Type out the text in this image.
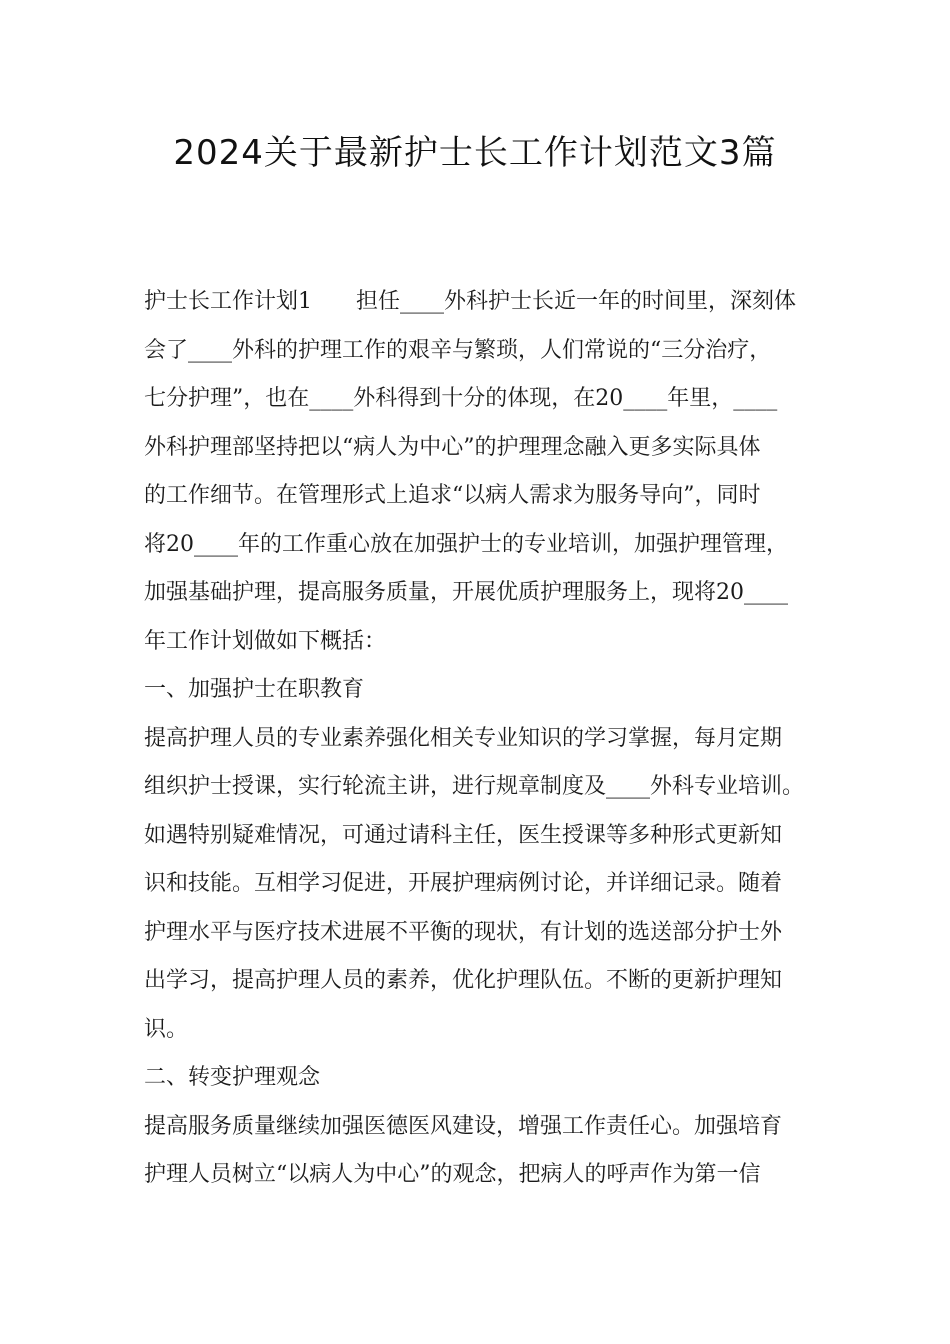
2024关于最新护士长工作计划范文3篇
护士长工作计划1　　担任____外科护士长近一年的时间里，深刻体
会了____外科的护理工作的艰辛与繁琐，人们常说的“三分治疗，
七分护理”，也在____外科得到十分的体现，在20____年里，____
外科护理部坚持把以“病人为中心”的护理理念融入更多实际具体
的工作细节。在管理形式上追求“以病人需求为服务导向”，同时
将20____年的工作重心放在加强护士的专业培训，加强护理管理，
加强基础护理，提高服务质量，开展优质护理服务上，现将20____
年工作计划做如下概括：
一、加强护士在职教育
提高护理人员的专业素养强化相关专业知识的学习掌握，每月定期
组织护士授课，实行轮流主讲，进行规章制度及____外科专业培训。
如遇特别疑难情况，可通过请科主任，医生授课等多种形式更新知
识和技能。互相学习促进，开展护理病例讨论，并详细记录。随着
护理水平与医疗技术进展不平衡的现状，有计划的选送部分护士外
出学习，提高护理人员的素养，优化护理队伍。不断的更新护理知
识。
二、转变护理观念
提高服务质量继续加强医德医风建设，增强工作责任心。加强培育
护理人员树立“以病人为中心”的观念，把病人的呼声作为第一信
